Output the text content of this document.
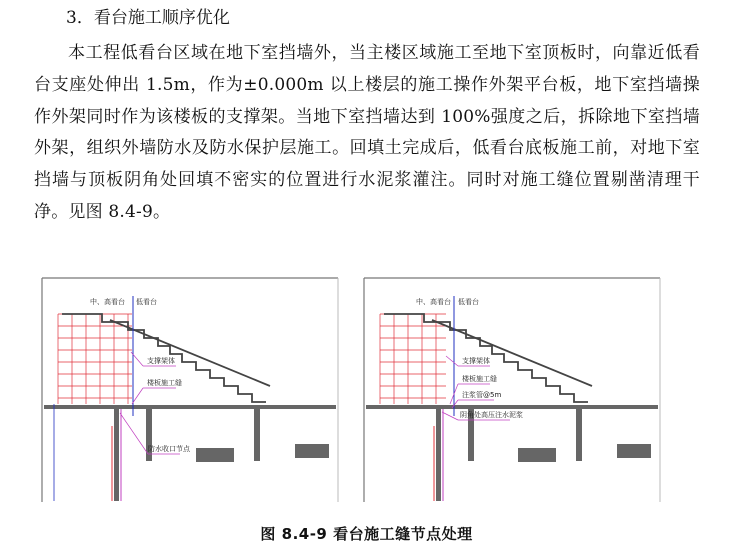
3．看台施工顺序优化
本工程低看台区域在地下室挡墙外，当主楼区域施工至地下室顶板时，向靠近低看台支座处伸出 1.5m，作为±0.000m 以上楼层的施工操作外架平台板，地下室挡墙操作外架同时作为该楼板的支撑架。当地下室挡墙达到 100%强度之后，拆除地下室挡墙外架，组织外墙防水及防水保护层施工。回填土完成后，低看台底板施工前，对地下室挡墙与顶板阴角处回填不密实的位置进行水泥浆灌注。同时对施工缝位置剔凿清理干净。见图 8.4-9。
中、高看台 低看台
支撑架体
楼板施工缝
防水收口节点
中、高看台 低看台
支撑架体
楼板施工缝
注浆管@5m
阴角处高压注水泥浆
图 8.4-9 看台施工缝节点处理
